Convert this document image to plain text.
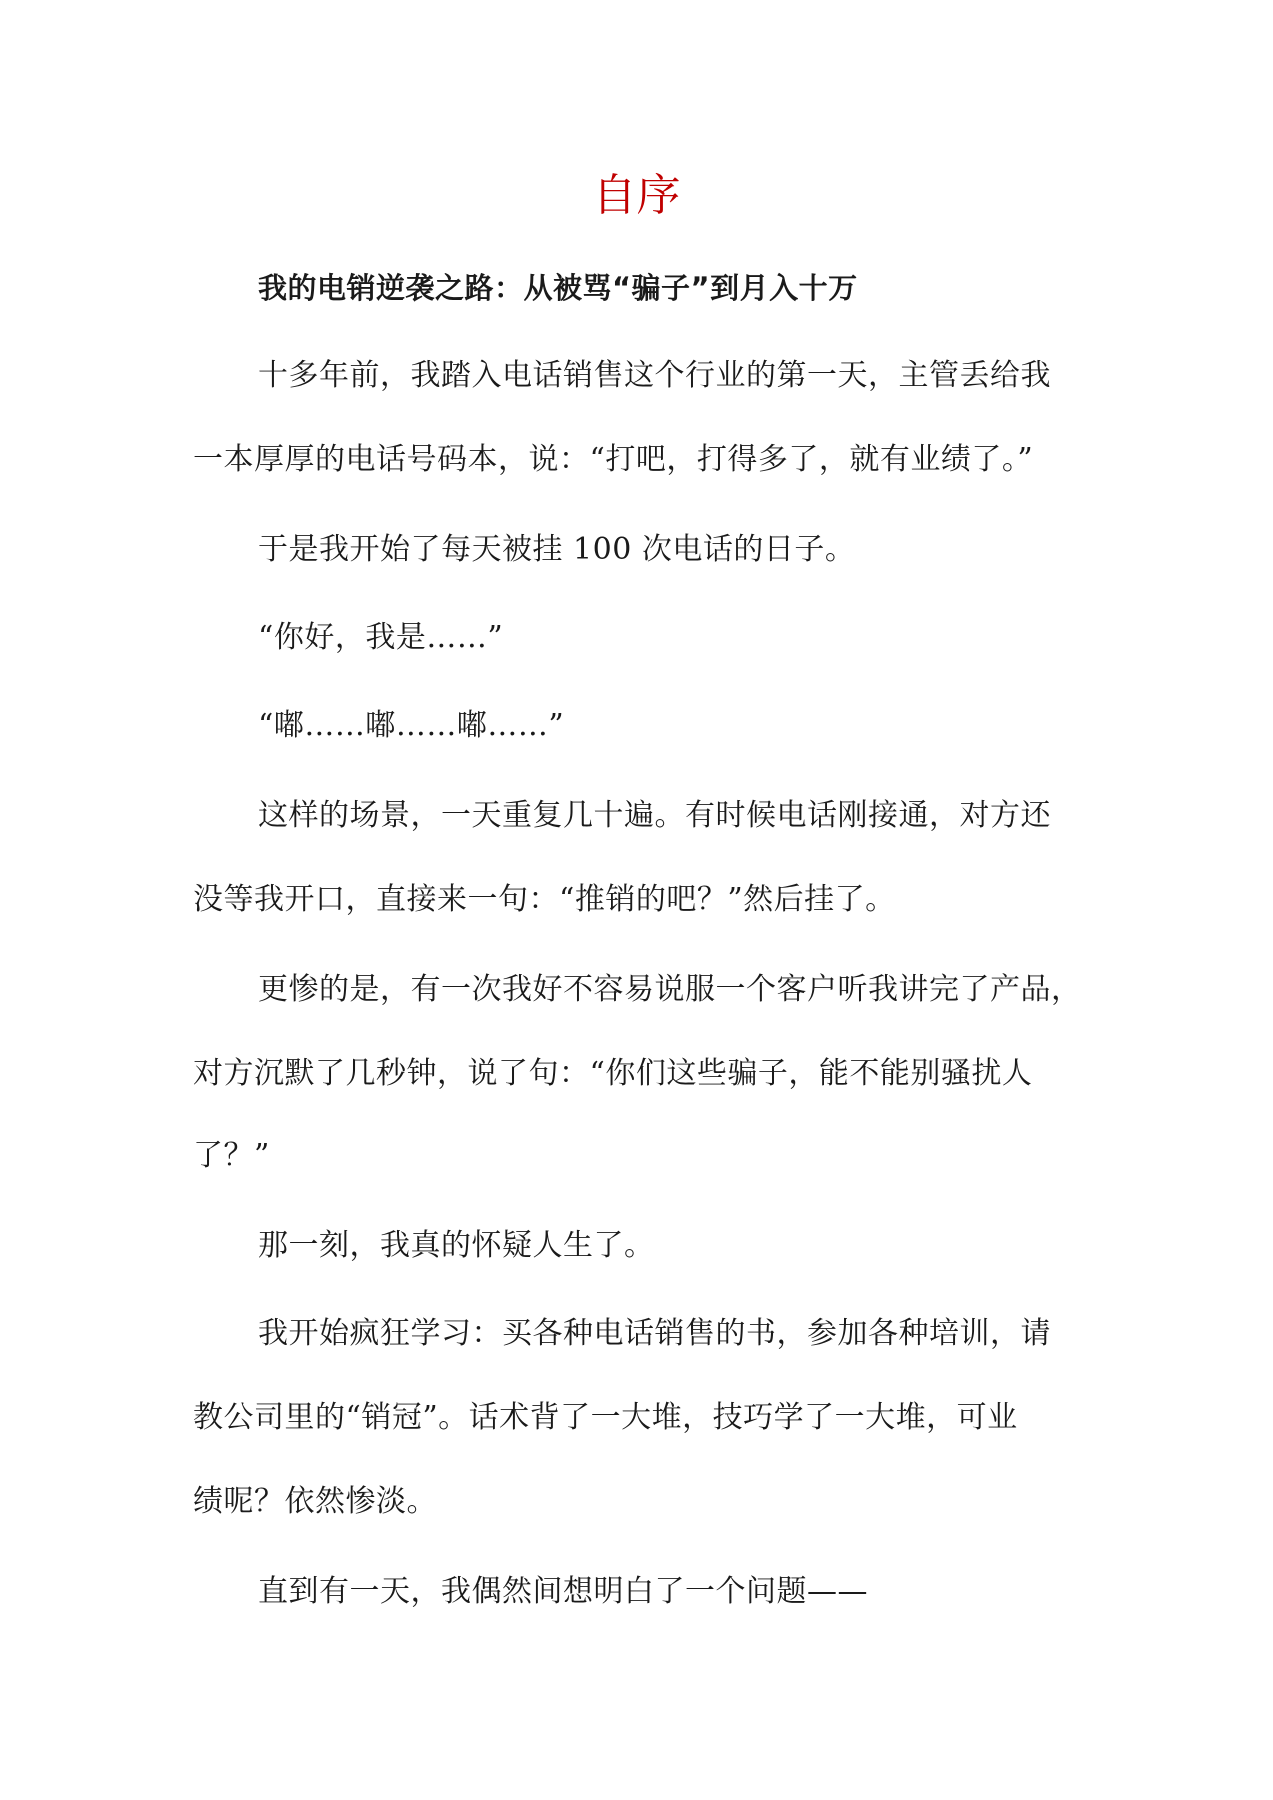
自序

我的电销逆袭之路：从被骂“骗子”到月入十万

十多年前，我踏入电话销售这个行业的第一天，主管丢给我

一本厚厚的电话号码本，说：“打吧，打得多了，就有业绩了。”

于是我开始了每天被挂 100 次电话的日子。

“你好，我是……”

“嘟……嘟……嘟……”

这样的场景，一天重复几十遍。有时候电话刚接通，对方还

没等我开口，直接来一句：“推销的吧？”然后挂了。

更惨的是，有一次我好不容易说服一个客户听我讲完了产品，

对方沉默了几秒钟，说了句：“你们这些骗子，能不能别骚扰人

了？”

那一刻，我真的怀疑人生了。

我开始疯狂学习：买各种电话销售的书，参加各种培训，请

教公司里的“销冠”。话术背了一大堆，技巧学了一大堆，可业

绩呢？依然惨淡。

直到有一天，我偶然间想明白了一个问题——
